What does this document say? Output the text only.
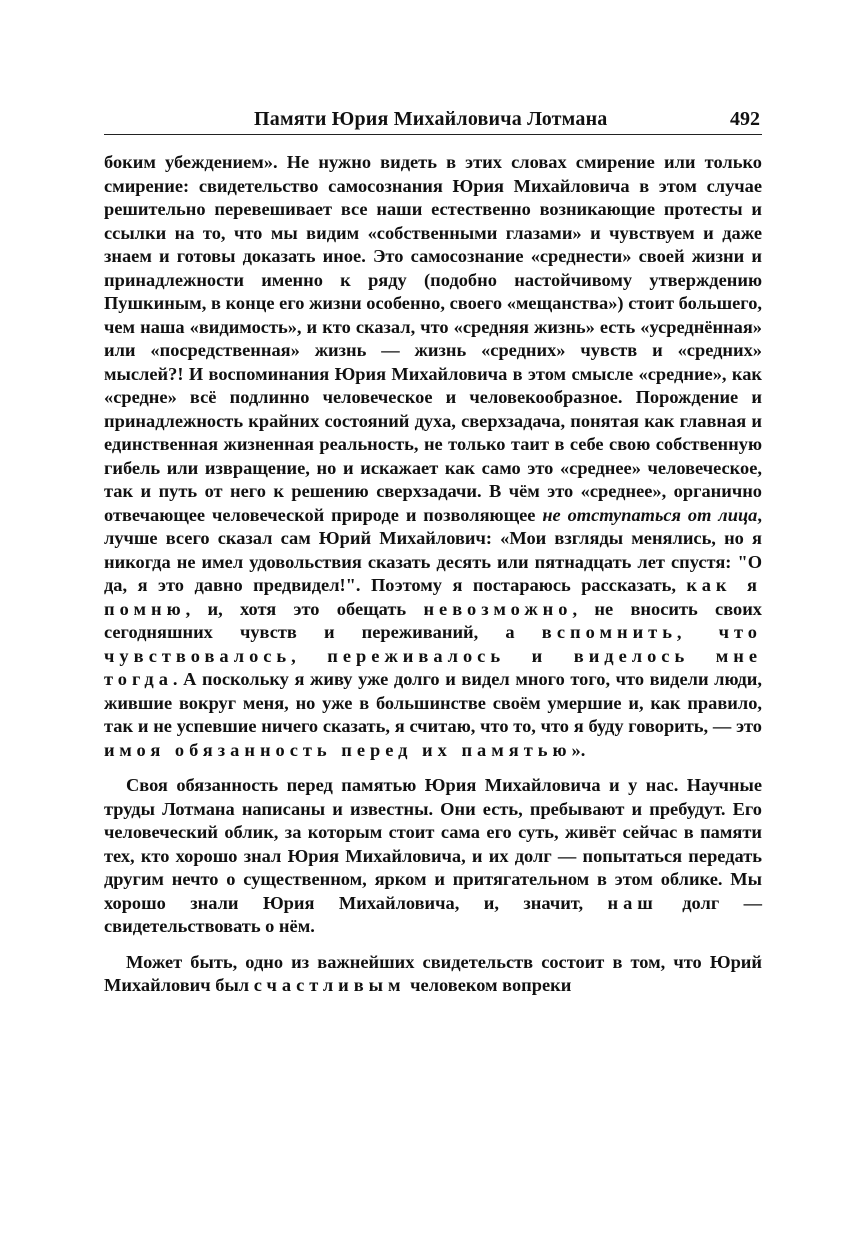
Памяти Юрия Михайловича Лотмана	492

боким убеждением». Не нужно видеть в этих словах смирение или только смирение: свидетельство самосознания Юрия Михайловича в этом случае решительно перевешивает все наши естественно возникающие протесты и ссылки на то, что мы видим «собственными глазами» и чувствуем и даже знаем и готовы доказать иное. Это самосознание «среднести» своей жизни и принадлежности именно к ряду (подобно настойчивому утверждению Пушкиным, в конце его жизни особенно, своего «мещанства») стоит большего, чем наша «видимость», и кто сказал, что «средняя жизнь» есть «усреднённая» или «посредственная» жизнь — жизнь «средних» чувств и «средних» мыслей?! И воспоминания Юрия Михайловича в этом смысле «средние», как «средне» всё подлинно человеческое и человекообразное. Порождение и принадлежность крайних состояний духа, сверхзадача, понятая как главная и единственная жизненная реальность, не только таит в себе свою собственную гибель или извращение, но и искажает как само это «среднее» человеческое, так и путь от него к решению сверхзадачи. В чём это «среднее», органично отвечающее человеческой природе и позволяющее не отступаться от лица, лучше всего сказал сам Юрий Михайлович: «Мои взгляды менялись, но я никогда не имел удовольствия сказать десять или пятнадцать лет спустя: "О да, я это давно предвидел!". Поэтому я постараюсь рассказать, как я помню, и, хотя это обещать невозможно, не вносить своих сегодняшних чувств и переживаний, а вспомнить, что чувствовалось, переживалось и виделось мне тогда. А поскольку я живу уже долго и видел много того, что видели люди, жившие вокруг меня, но уже в большинстве своём умершие и, как правило, так и не успевшие ничего сказать, я считаю, что то, что я буду говорить, — это и моя обязанность перед их памятью».

Своя обязанность перед памятью Юрия Михайловича и у нас. Научные труды Лотмана написаны и известны. Они есть, пребывают и пребудут. Его человеческий облик, за которым стоит сама его суть, живёт сейчас в памяти тех, кто хорошо знал Юрия Михайловича, и их долг — попытаться передать другим нечто о существенном, ярком и притягательном в этом облике. Мы хорошо знали Юрия Михайловича, и, значит, наш долг — свидетельствовать о нём.

Может быть, одно из важнейших свидетельств состоит в том, что Юрий Михайлович был счастливым человеком вопреки
